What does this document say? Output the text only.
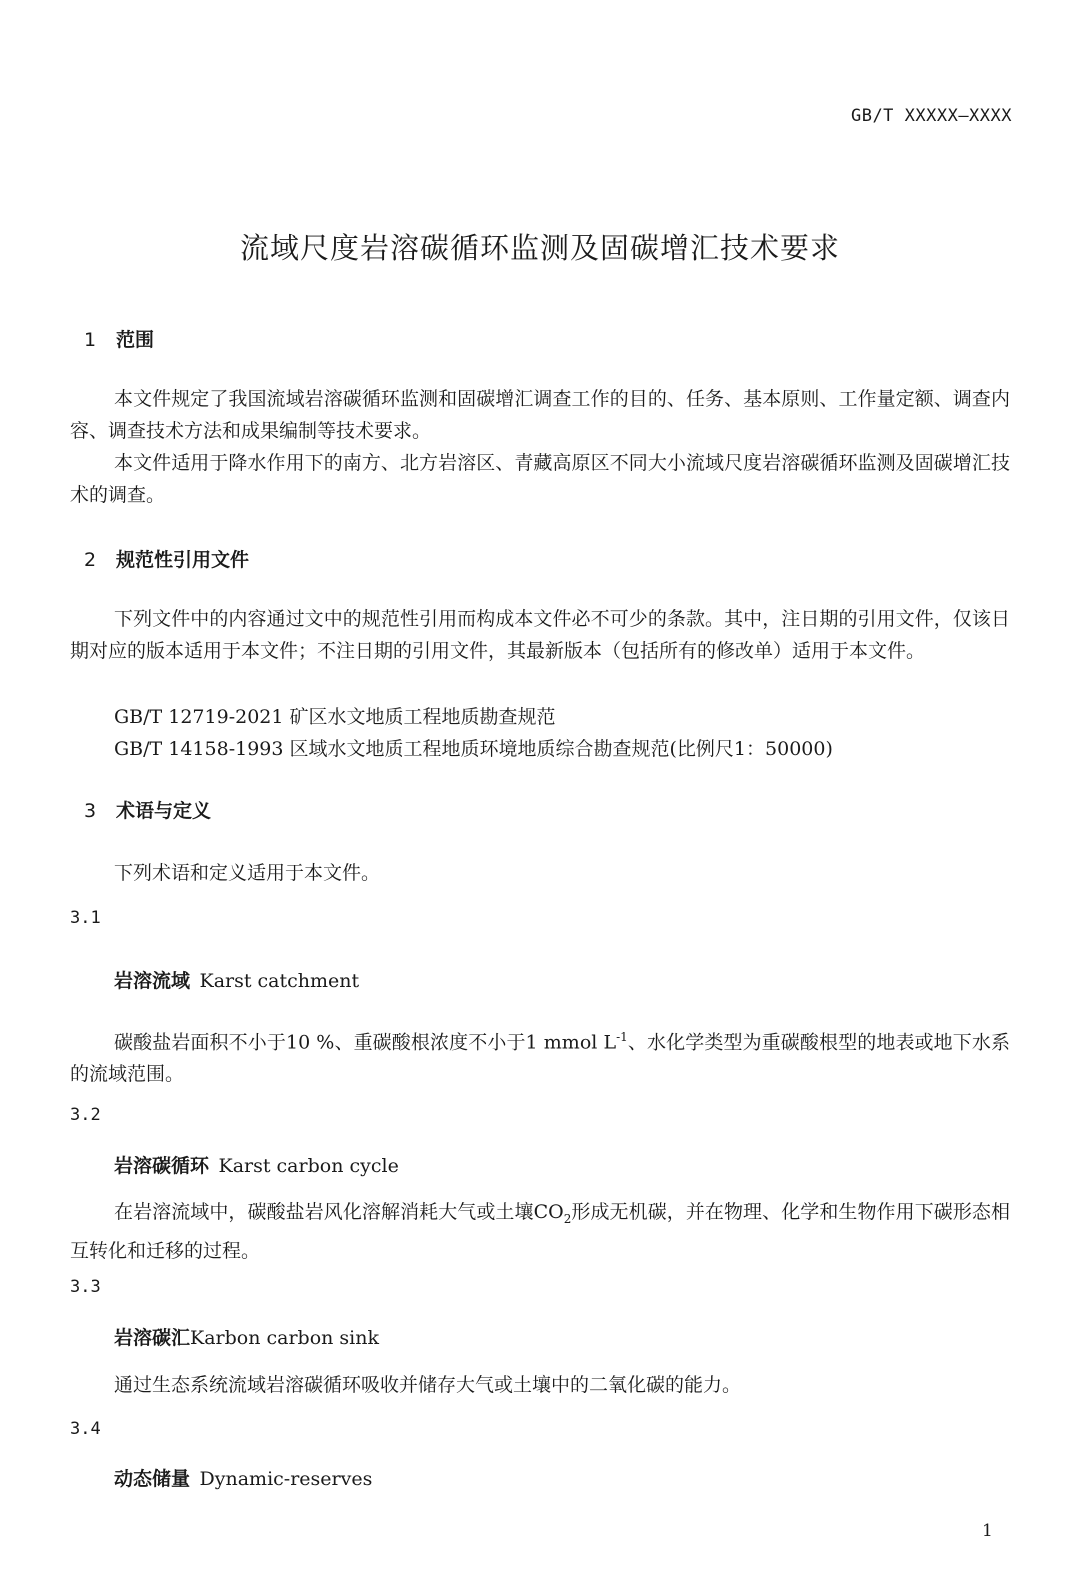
GB/T XXXXX—XXXX
流域尺度岩溶碳循环监测及固碳增汇技术要求
1 范围
本文件规定了我国流域岩溶碳循环监测和固碳增汇调查工作的目的、任务、基本原则、工作量定额、调查内容、调查技术方法和成果编制等技术要求。
本文件适用于降水作用下的南方、北方岩溶区、青藏高原区不同大小流域尺度岩溶碳循环监测及固碳增汇技术的调查。
2 规范性引用文件
下列文件中的内容通过文中的规范性引用而构成本文件必不可少的条款。其中，注日期的引用文件，仅该日期对应的版本适用于本文件；不注日期的引用文件，其最新版本（包括所有的修改单）适用于本文件。
GB/T 12719-2021 矿区水文地质工程地质勘查规范
GB/T 14158-1993 区域水文地质工程地质环境地质综合勘查规范(比例尺1：50000)
3 术语与定义
下列术语和定义适用于本文件。
3.1
岩溶流域 Karst catchment
碳酸盐岩面积不小于10 %、重碳酸根浓度不小于1 mmol $L^{-1}$、水化学类型为重碳酸根型的地表或地下水系的流域范围。
3.2
岩溶碳循环 Karst carbon cycle
在岩溶流域中，碳酸盐岩风化溶解消耗大气或土壤$CO_2$形成无机碳，并在物理、化学和生物作用下碳形态相互转化和迁移的过程。
3.3
岩溶碳汇Karbon carbon sink
通过生态系统流域岩溶碳循环吸收并储存大气或土壤中的二氧化碳的能力。
3.4
动态储量 Dynamic-reserves
1
